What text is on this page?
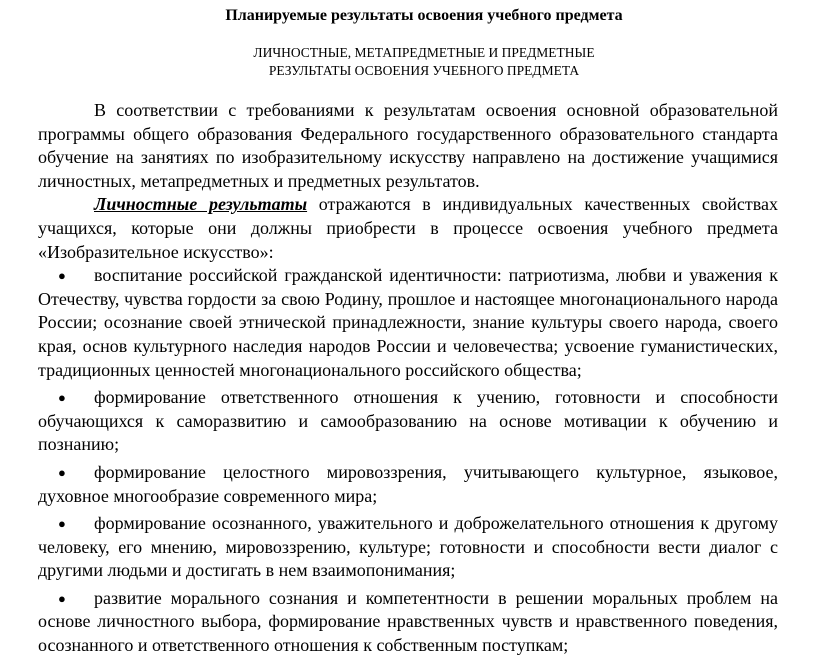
Планируемые результаты освоения учебного предмета
ЛИЧНОСТНЫЕ, МЕТАПРЕДМЕТНЫЕ И ПРЕДМЕТНЫЕ
РЕЗУЛЬТАТЫ ОСВОЕНИЯ УЧЕБНОГО ПРЕДМЕТА

В соответствии с требованиями к результатам освоения основной образовательной программы общего образования Федерального государственного образовательного стандарта обучение на занятиях по изобразительному искусству направлено на достижение учащимися личностных, метапредметных и предметных результатов.

Личностные результаты отражаются в индивидуальных качественных свойствах учащихся, которые они должны приобрести в процессе освоения учебного предмета «Изобразительное искусство»:

● воспитание российской гражданской идентичности: патриотизма, любви и уважения к Отечеству, чувства гордости за свою Родину, прошлое и настоящее многонационального народа России; осознание своей этнической принадлежности, знание культуры своего народа, своего края, основ культурного наследия народов России и человечества; усвоение гуманистических, традиционных ценностей многонационального российского общества;

● формирование ответственного отношения к учению, готовности и способности обучающихся к саморазвитию и самообразованию на основе мотивации к обучению и познанию;

● формирование целостного мировоззрения, учитывающего культурное, языковое, духовное многообразие современного мира;

● формирование осознанного, уважительного и доброжелательного отношения к другому человеку, его мнению, мировоззрению, культуре; готовности и способности вести диалог с другими людьми и достигать в нем взаимопонимания;

● развитие морального сознания и компетентности в решении моральных проблем на основе личностного выбора, формирование нравственных чувств и нравственного поведения, осознанного и ответственного отношения к собственным поступкам;
